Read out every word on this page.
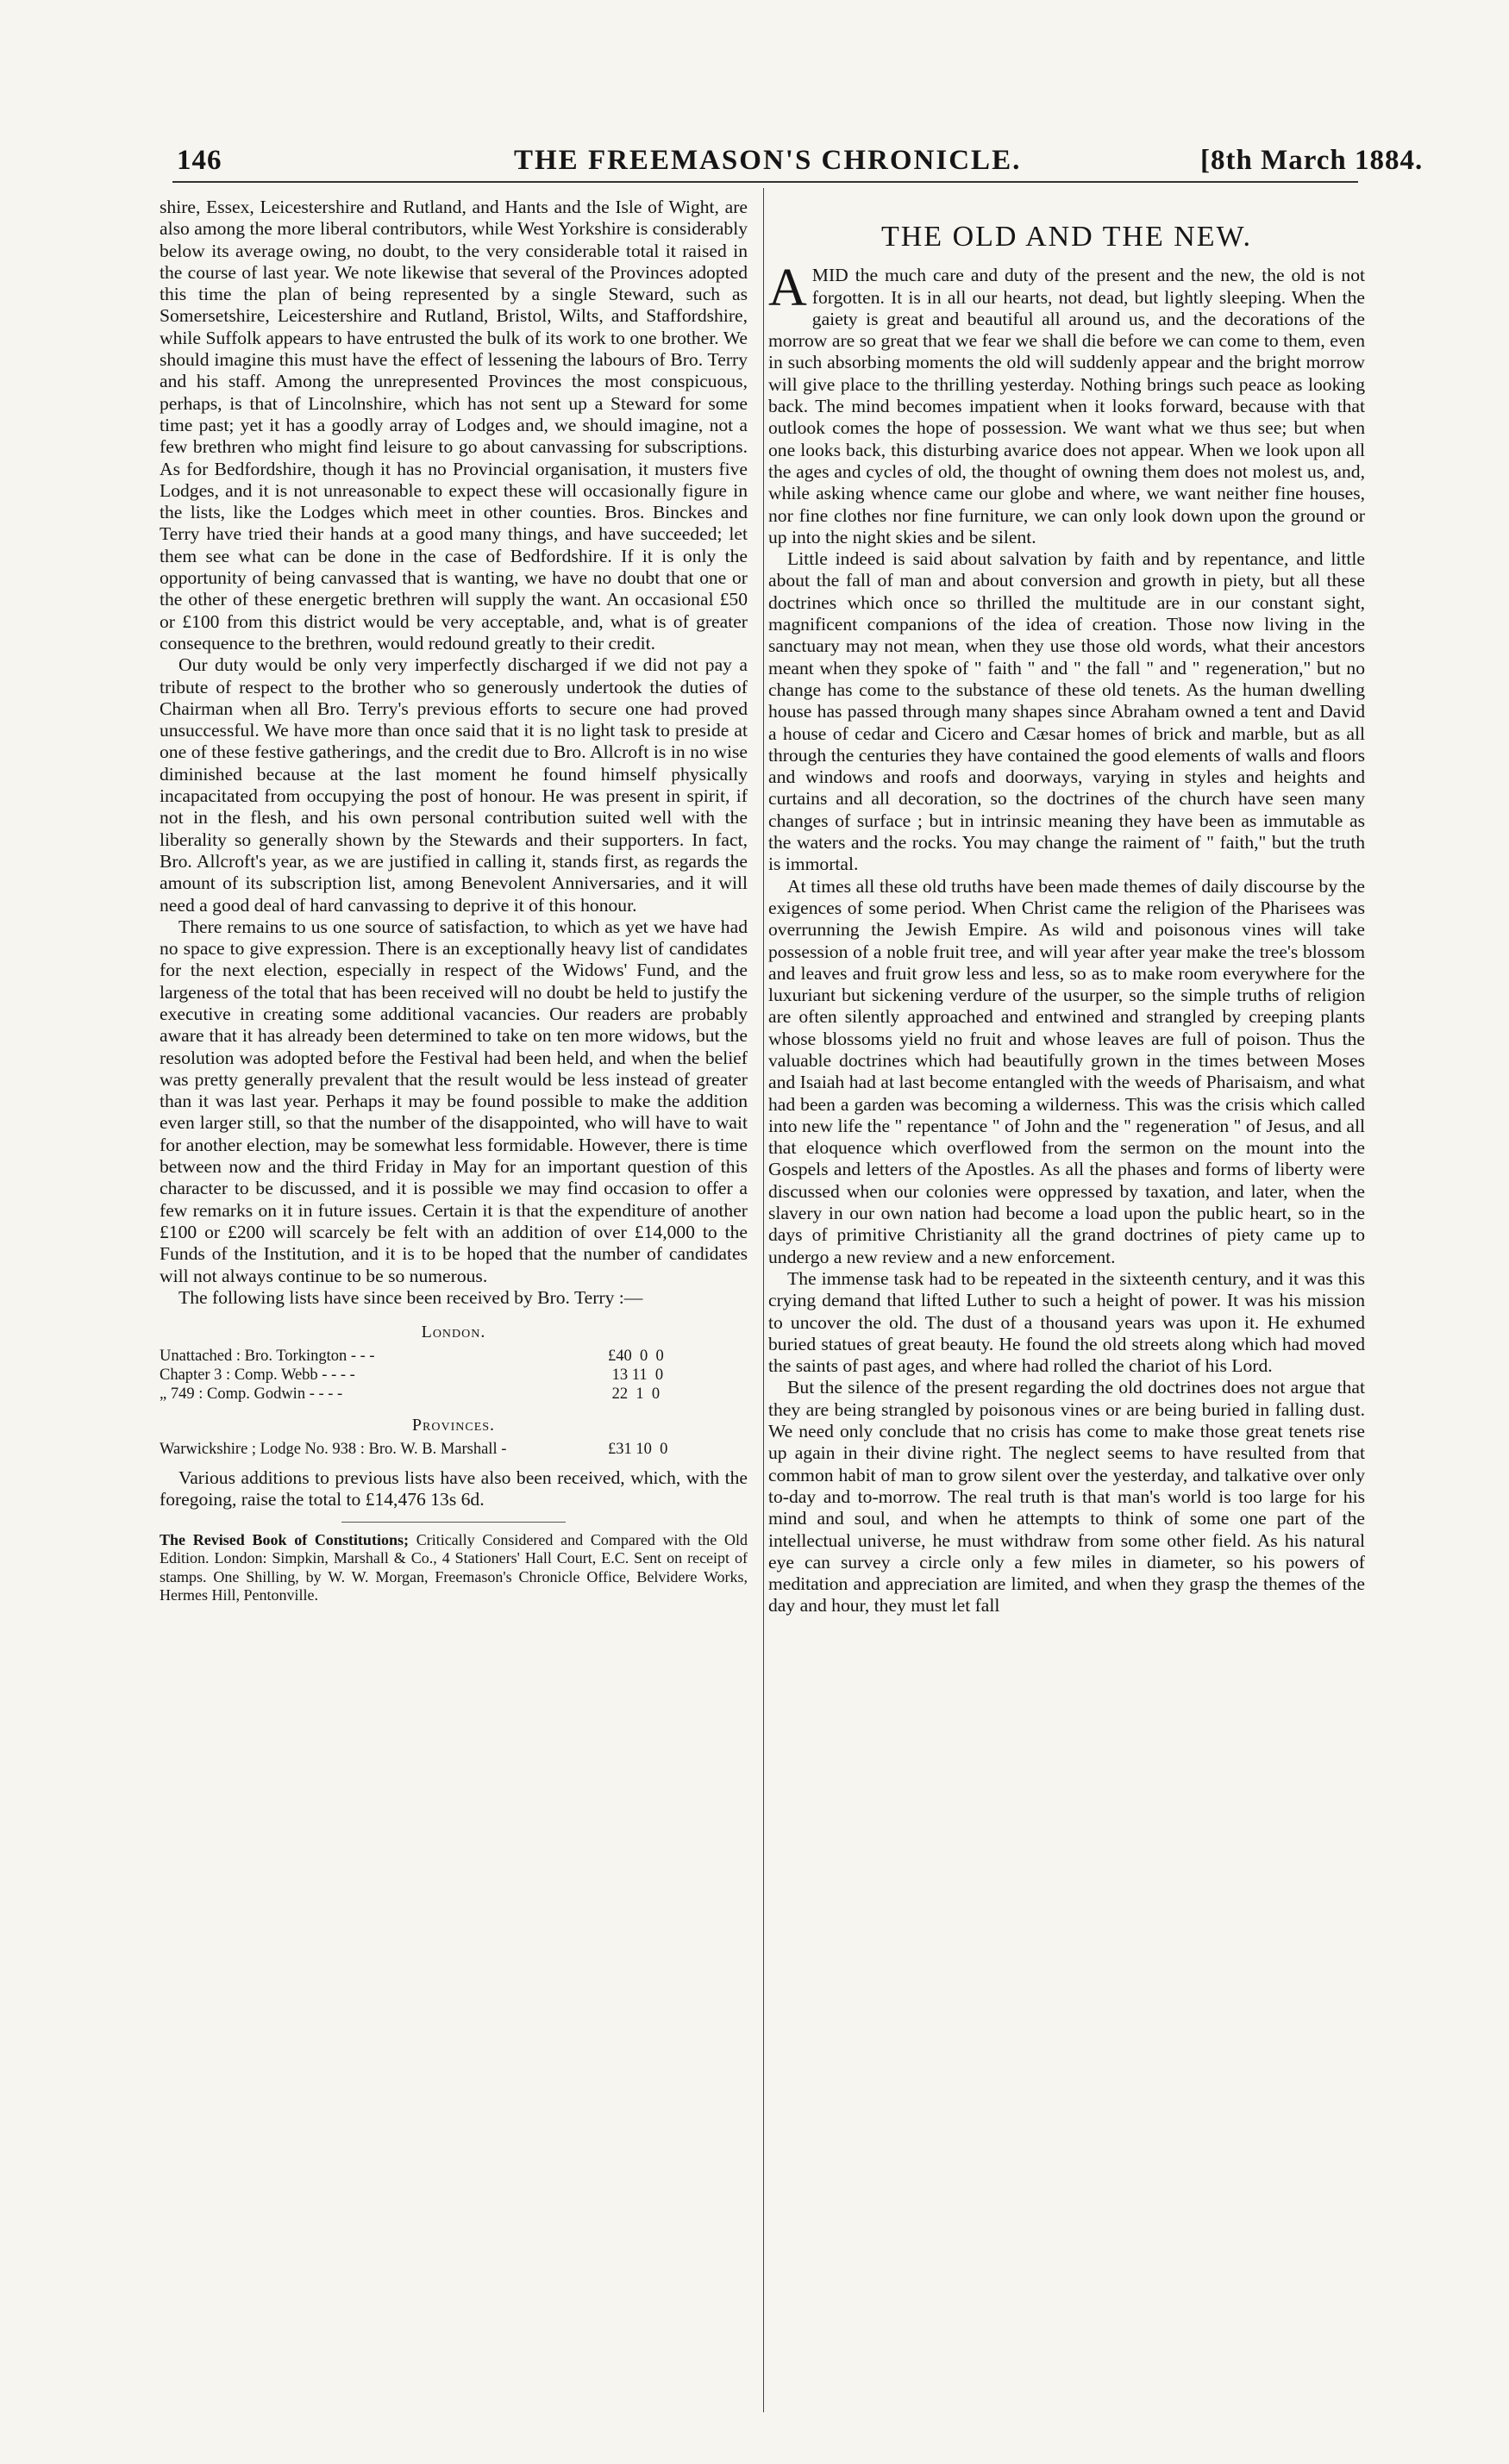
146	THE FREEMASON'S CHRONICLE.	[8th March 1884.

shire, Essex, Leicestershire and Rutland, and Hants and the Isle of Wight, are also among the more liberal contributors, while West Yorkshire is considerably below its average owing, no doubt, to the very considerable total it raised in the course of last year. We note likewise that several of the Provinces adopted this time the plan of being represented by a single Steward, such as Somersetshire, Leicestershire and Rutland, Bristol, Wilts, and Staffordshire, while Suffolk appears to have entrusted the bulk of its work to one brother. We should imagine this must have the effect of lessening the labours of Bro. Terry and his staff. Among the unrepresented Provinces the most conspicuous, perhaps, is that of Lincolnshire, which has not sent up a Steward for some time past; yet it has a goodly array of Lodges and, we should imagine, not a few brethren who might find leisure to go about canvassing for subscriptions. As for Bedfordshire, though it has no Provincial organisation, it musters five Lodges, and it is not unreasonable to expect these will occasionally figure in the lists, like the Lodges which meet in other counties. Bros. Binckes and Terry have tried their hands at a good many things, and have succeeded; let them see what can be done in the case of Bedfordshire. If it is only the opportunity of being canvassed that is wanting, we have no doubt that one or the other of these energetic brethren will supply the want. An occasional £50 or £100 from this district would be very acceptable, and, what is of greater consequence to the brethren, would redound greatly to their credit.

Our duty would be only very imperfectly discharged if we did not pay a tribute of respect to the brother who so generously undertook the duties of Chairman when all Bro. Terry's previous efforts to secure one had proved unsuccessful. We have more than once said that it is no light task to preside at one of these festive gatherings, and the credit due to Bro. Allcroft is in no wise diminished because at the last moment he found himself physically incapacitated from occupying the post of honour. He was present in spirit, if not in the flesh, and his own personal contribution suited well with the liberality so generally shown by the Stewards and their supporters. In fact, Bro. Allcroft's year, as we are justified in calling it, stands first, as regards the amount of its subscription list, among Benevolent Anniversaries, and it will need a good deal of hard canvassing to deprive it of this honour.

There remains to us one source of satisfaction, to which as yet we have had no space to give expression. There is an exceptionally heavy list of candidates for the next election, especially in respect of the Widows' Fund, and the largeness of the total that has been received will no doubt be held to justify the executive in creating some additional vacancies. Our readers are probably aware that it has already been determined to take on ten more widows, but the resolution was adopted before the Festival had been held, and when the belief was pretty generally prevalent that the result would be less instead of greater than it was last year. Perhaps it may be found possible to make the addition even larger still, so that the number of the disappointed, who will have to wait for another election, may be somewhat less formidable. However, there is time between now and the third Friday in May for an important question of this character to be discussed, and it is possible we may find occasion to offer a few remarks on it in future issues. Certain it is that the expenditure of another £100 or £200 will scarcely be felt with an addition of over £14,000 to the Funds of the Institution, and it is to be hoped that the number of candidates will not always continue to be so numerous.

The following lists have since been received by Bro. Terry :—

London.
Unattached : Bro. Torkington - - -	£40  0  0
Chapter 3 : Comp. Webb - - - -	13 11  0
„ 749 : Comp. Godwin - - - -	22  1  0
Provinces.
Warwickshire ; Lodge No. 938 : Bro. W. B. Marshall -	£31 10  0

Various additions to previous lists have also been received, which, with the foregoing, raise the total to £14,476 13s 6d.

The Revised Book of Constitutions; Critically Considered and Compared with the Old Edition. London: Simpkin, Marshall & Co., 4 Stationers' Hall Court, E.C. Sent on receipt of stamps. One Shilling, by W. W. Morgan, Freemason's Chronicle Office, Belvidere Works, Hermes Hill, Pentonville.
THE OLD AND THE NEW.

AMID the much care and duty of the present and the new, the old is not forgotten. It is in all our hearts, not dead, but lightly sleeping. When the gaiety is great and beautiful all around us, and the decorations of the morrow are so great that we fear we shall die before we can come to them, even in such absorbing moments the old will suddenly appear and the bright morrow will give place to the thrilling yesterday. Nothing brings such peace as looking back. The mind becomes impatient when it looks forward, because with that outlook comes the hope of possession. We want what we thus see; but when one looks back, this disturbing avarice does not appear. When we look upon all the ages and cycles of old, the thought of owning them does not molest us, and, while asking whence came our globe and where, we want neither fine houses, nor fine clothes nor fine furniture, we can only look down upon the ground or up into the night skies and be silent.

Little indeed is said about salvation by faith and by repentance, and little about the fall of man and about conversion and growth in piety, but all these doctrines which once so thrilled the multitude are in our constant sight, magnificent companions of the idea of creation. Those now living in the sanctuary may not mean, when they use those old words, what their ancestors meant when they spoke of " faith " and " the fall " and " regeneration," but no change has come to the substance of these old tenets. As the human dwelling house has passed through many shapes since Abraham owned a tent and David a house of cedar and Cicero and Cæsar homes of brick and marble, but as all through the centuries they have contained the good elements of walls and floors and windows and roofs and doorways, varying in styles and heights and curtains and all decoration, so the doctrines of the church have seen many changes of surface ; but in intrinsic meaning they have been as immutable as the waters and the rocks. You may change the raiment of " faith," but the truth is immortal.

At times all these old truths have been made themes of daily discourse by the exigences of some period. When Christ came the religion of the Pharisees was overrunning the Jewish Empire. As wild and poisonous vines will take possession of a noble fruit tree, and will year after year make the tree's blossom and leaves and fruit grow less and less, so as to make room everywhere for the luxuriant but sickening verdure of the usurper, so the simple truths of religion are often silently approached and entwined and strangled by creeping plants whose blossoms yield no fruit and whose leaves are full of poison. Thus the valuable doctrines which had beautifully grown in the times between Moses and Isaiah had at last become entangled with the weeds of Pharisaism, and what had been a garden was becoming a wilderness. This was the crisis which called into new life the " repentance " of John and the " regeneration " of Jesus, and all that eloquence which overflowed from the sermon on the mount into the Gospels and letters of the Apostles. As all the phases and forms of liberty were discussed when our colonies were oppressed by taxation, and later, when the slavery in our own nation had become a load upon the public heart, so in the days of primitive Christianity all the grand doctrines of piety came up to undergo a new review and a new enforcement.

The immense task had to be repeated in the sixteenth century, and it was this crying demand that lifted Luther to such a height of power. It was his mission to uncover the old. The dust of a thousand years was upon it. He exhumed buried statues of great beauty. He found the old streets along which had moved the saints of past ages, and where had rolled the chariot of his Lord.

But the silence of the present regarding the old doctrines does not argue that they are being strangled by poisonous vines or are being buried in falling dust. We need only conclude that no crisis has come to make those great tenets rise up again in their divine right. The neglect seems to have resulted from that common habit of man to grow silent over the yesterday, and talkative over only to-day and to-morrow. The real truth is that man's world is too large for his mind and soul, and when he attempts to think of some one part of the intellectual universe, he must withdraw from some other field. As his natural eye can survey a circle only a few miles in diameter, so his powers of meditation and appreciation are limited, and when they grasp the themes of the day and hour, they must let fall
